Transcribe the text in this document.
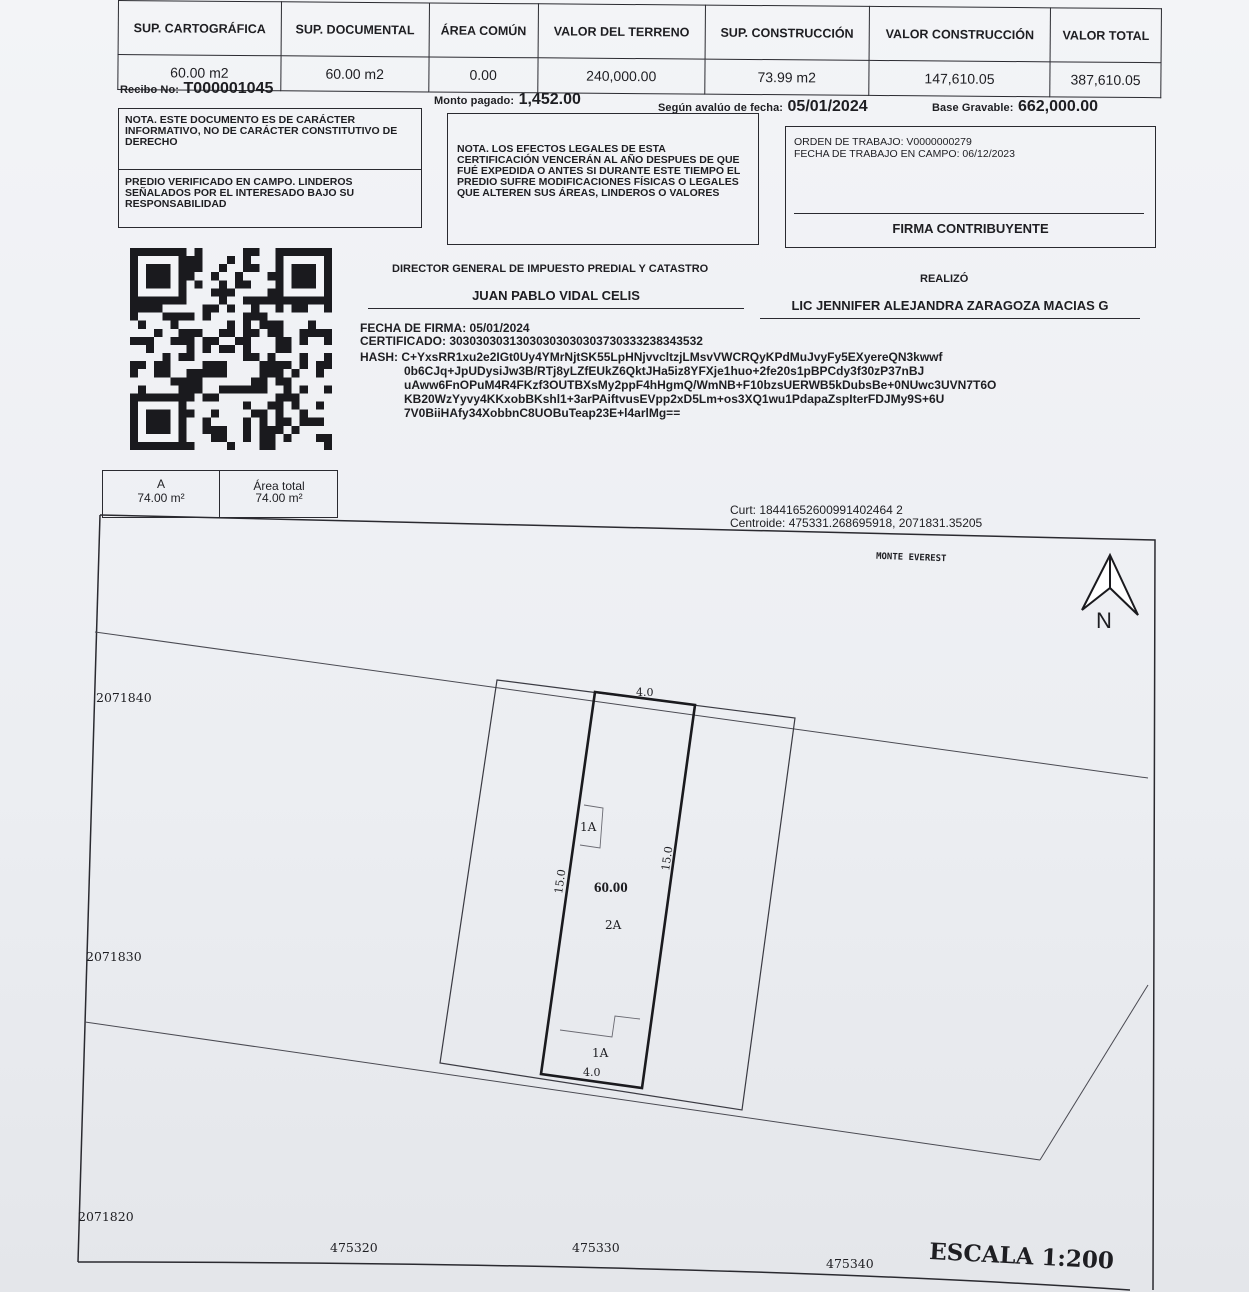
SUP. CARTOGRÁFICA	SUP. DOCUMENTAL	ÁREA COMÚN	VALOR DEL TERRENO	SUP. CONSTRUCCIÓN	VALOR CONSTRUCCIÓN	VALOR TOTAL
60.00 m2	60.00 m2	0.00	240,000.00	73.99 m2	147,610.05	387,610.05
Recibo No: T000001045
Monto pagado: 1,452.00	Según avalúo de fecha: 05/01/2024	Base Gravable: 662,000.00
NOTA. ESTE DOCUMENTO ES DE CARÁCTER INFORMATIVO, NO DE CARÁCTER CONSTITUTIVO DE DERECHO
PREDIO VERIFICADO EN CAMPO. LINDEROS SEÑALADOS POR EL INTERESADO BAJO SU RESPONSABILIDAD
NOTA. LOS EFECTOS LEGALES DE ESTA CERTIFICACIÓN VENCERÁN AL AÑO DESPUES DE QUE FUÉ EXPEDIDA O ANTES SI DURANTE ESTE TIEMPO EL PREDIO SUFRE MODIFICACIONES FÍSICAS O LEGALES QUE ALTEREN SUS ÁREAS, LINDEROS O VALORES
ORDEN DE TRABAJO: V0000000279
FECHA DE TRABAJO EN CAMPO: 06/12/2023
FIRMA CONTRIBUYENTE
DIRECTOR GENERAL DE IMPUESTO PREDIAL Y CATASTRO
JUAN PABLO VIDAL CELIS
REALIZÓ
LIC JENNIFER ALEJANDRA ZARAGOZA MACIAS G
FECHA DE FIRMA: 05/01/2024
CERTIFICADO: 30303030313030303030303730333238343532
HASH: C+YxsRR1xu2e2IGt0Uy4YMrNjtSK55LpHNjvvcltzjLMsvVWCRQyKPdMuJvyFy5EXyereQN3kwwf
0b6CJq+JpUDysiJw3B/RTj8yLZfEUkZ6QktJHa5iz8YFXje1huo+2fe20s1pBPCdy3f30zP37nBJ
uAww6FnOPuM4R4FKzf3OUTBXsMy2ppF4hHgmQ/WmNB+F10bzsUERWB5kDubsBe+0NUwc3UVN7T6O
KB20WzYyvy4KKxobBKshl1+3arPAiftvusEVpp2xD5Lm+os3XQ1wu1PdapaZspIterFDJMy9S+6U
7V0BiiHAfy34XobbnC8UOBuTeap23E+l4arlMg==
A
74.00 m²
Área total
74.00 m²
Curt: 18441652600991402464 2
Centroide: 475331.268695918, 2071831.35205
N
MONTE EVEREST
2071840
2071830
2071820
475320	475330
475340
4.0
4.0
15.0
15.0
1A
60.00
2A
1A
ESCALA 1:200
